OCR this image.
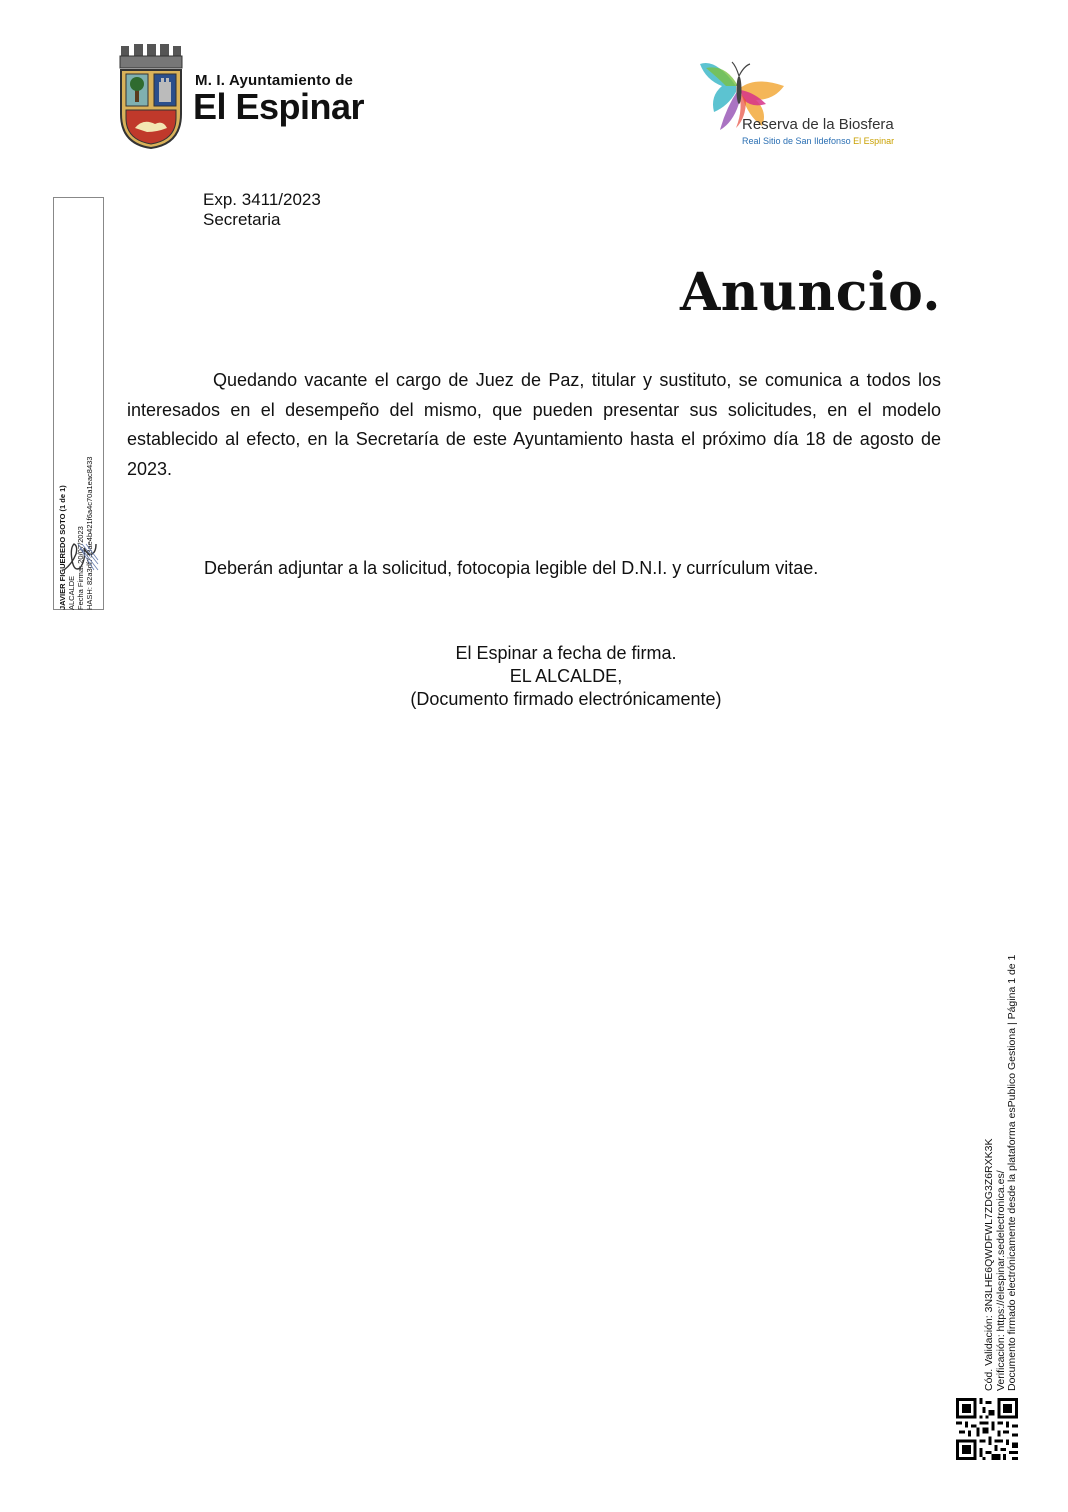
M. I. Ayuntamiento de
El Espinar	Reserva de la Biosfera
Real Sitio de San Ildefonso El Espinar
JAVIER FIGUEREDO SOTO (1 de 1) ALCALDE Fecha Firma: 20/07/2023 HASH: 82a3df733ae4b421f6a4c70a1eac8433
Exp. 3411/2023
Secretaria
Anuncio.
Quedando vacante el cargo de Juez de Paz, titular y sustituto, se comunica a todos los interesados en el desempeño del mismo, que pueden presentar sus solicitudes, en el modelo establecido al efecto, en la Secretaría de este Ayuntamiento hasta el próximo día 18 de agosto de 2023.
Deberán adjuntar a la solicitud, fotocopia legible del D.N.I. y currículum vitae.
El Espinar a fecha de firma.
EL ALCALDE,
(Documento firmado electrónicamente)
Cód. Validación: 3N3LHE6QWDFWL7ZDG3Z6RXK3K Verificación: https://elespinar.sedelectronica.es/ Documento firmado electrónicamente desde la plataforma esPublico Gestiona | Página 1 de 1
